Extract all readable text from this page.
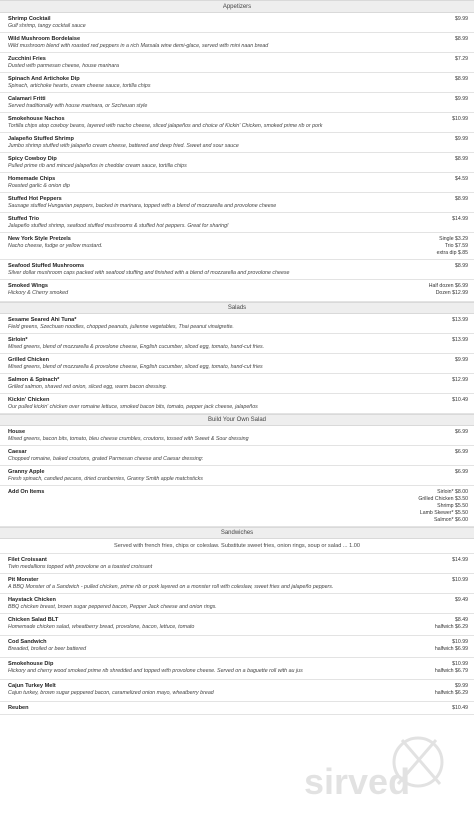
Appetizers
Shrimp Cocktail
Gulf shrimp, tangy cocktail sauce
$9.99
Wild Mushroom Bordelaise
Wild mushroom blend with roasted red peppers in a rich Marsala wine demi-glace, served with mini naan bread
$8.99
Zucchini Fries
Dusted with parmesan cheese, house marinara
$7.29
Spinach And Artichoke Dip
Spinach, artichoke hearts, cream cheese sauce, tortilla chips
$8.99
Calamari Fritti
Served traditionally with house marinara, or Szcheuan style
$9.99
Smokehouse Nachos
Tortilla chips atop cowboy beans, layered with nacho cheese, sliced jalapeños and choice of Kickin' Chicken, smoked prime rib or pork
$10.99
Jalapeño Stuffed Shrimp
Jumbo shrimp stuffed with jalapeño cream cheese, battered and deep fried. Sweet and sour sauce
$9.99
Spicy Cowboy Dip
Pulled prime rib and minced jalapeños in cheddar cream sauce, tortilla chips
$8.99
Homemade Chips
Roasted garlic & onion dip
$4.59
Stuffed Hot Peppers
Sausage stuffed Hungarian peppers, backed in marinara, topped with a blend of mozzarella and provolone cheese
$8.99
Stuffed Trio
Jalapeño stuffed shrimp, seafood stuffed mushrooms & stuffed hot peppers. Great for sharing!
$14.99
New York Style Pretzels
Nacho cheese, fudge or yellow mustard.
Single $3.29
Trio $7.59
extra dip $.85
Seafood Stuffed Mushrooms
Silver dollar mushroom caps packed with seafood stuffing and finished with a blend of mozzarella and provolone cheese
$8.99
Smoked Wings
Hickory & Cherry smoked
Half dozen $6.99
Dozen $12.99
Salads
Sesame Seared Ahi Tuna*
Field greens, Szechuan noodles, chopped peanuts, julienne vegetables, Thai peanut vinaigrette.
$13.99
Sirloin*
Mixed greens, blend of mozzarella & provolone cheese, English cucumber, sliced egg, tomato, hand-cut fries.
$13.99
Grilled Chicken
Mixed greens, blend of mozzarella & provolone cheese, English cucumber, sliced egg, tomato, hand-cut fries
$9.99
Salmon & Spinach*
Grilled salmon, shaved red onion, sliced egg, warm bacon dressing.
$12.99
Kickin' Chicken
Our pulled kickin' chicken over romaine lettuce, smoked bacon bits, tomato, pepper jack cheese, jalapeños
$10.49
Build Your Own Salad
House
Mixed greens, bacon bits, tomato, bleu cheese crumbles, croutons, tossed with Sweet & Sour dressing
$6.99
Caesar
Chopped romaine, baked croutons, grated Parmesan cheese and Caesar dressing:
$6.99
Granny Apple
Fresh spinach, candied pecans, dried cranberries, Granny Smith apple matchsticks
$6.99
Add On Items	Sirloin* $8.00
Grilled Chicken $3.50
Shrimp $5.50
Lamb Skewer* $5.50
Salmon* $6.00
Sandwiches
Served with french fries, chips or coleslaw. Substitute sweet fries, onion rings, soup or salad ... 1.00
Filet Croissant
Twin medallions topped with provolone on a toasted croissant
$14.99
Pit Monster
A BBQ Monster of a Sandwich - pulled chicken, prime rib or pork layered on a monster roll with coleslaw, sweet fries and jalapeño peppers.
$10.99
Haystack Chicken
BBQ chicken breast, brown sugar peppered bacon, Pepper Jack cheese and onion rings.
$9.49
Chicken Salad BLT
Homemade chicken salad, wheatberry bread, provolone, bacon, lettuce, tomato
$8.49
halfwich $6.29
Cod Sandwich
Breaded, broiled or beer battered
$10.99
halfwich $6.99
Smokehouse Dip
Hickory and cherry wood smoked prime rib shredded and topped with provolone cheese. Served on a baguette roll with au jus
$10.99
halfwich $6.79
Cajun Turkey Melt
Cajun turkey, brown sugar peppered bacon, caramelized onion mayo, wheatberry bread
$9.99
halfwich $6.29
Reuben	$10.49
sirved
